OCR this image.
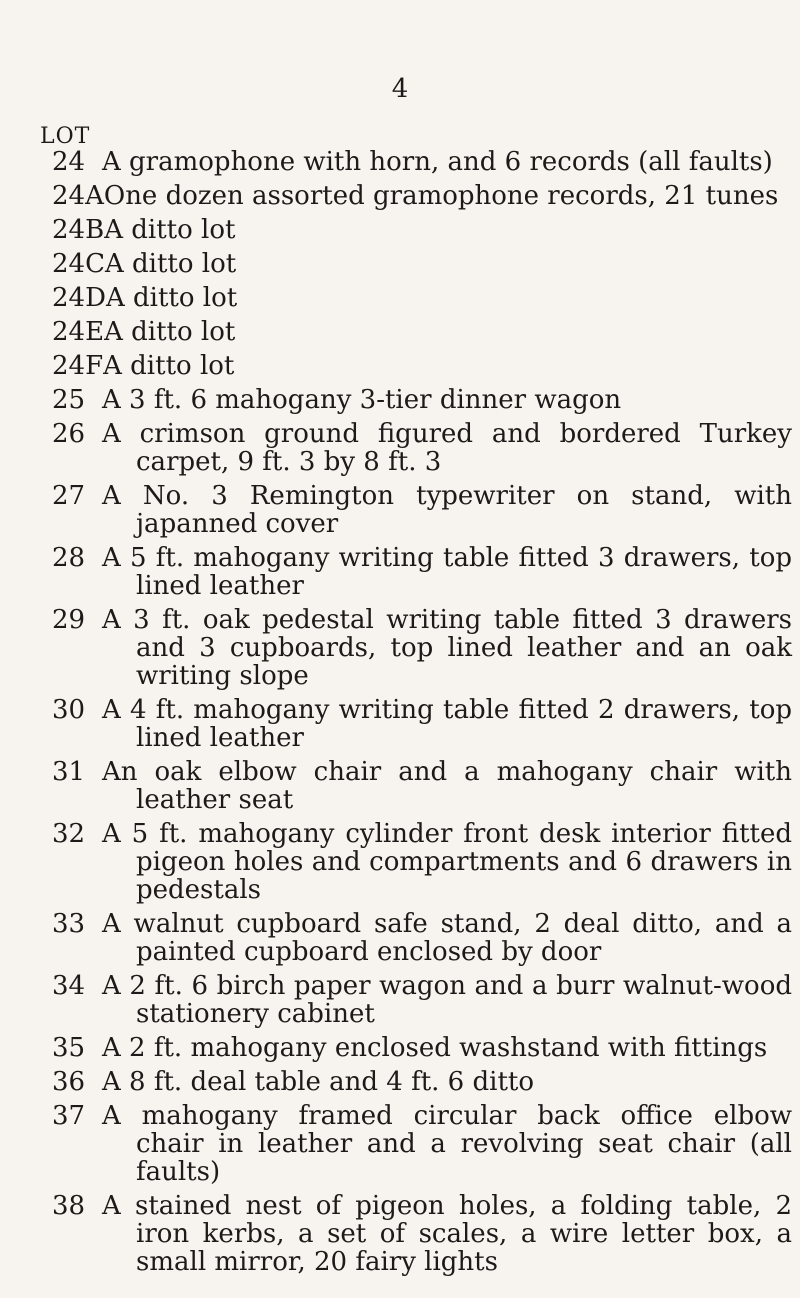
4
LOT
24 A gramophone with horn, and 6 records (all faults)
24A One dozen assorted gramophone records, 21 tunes
24B A ditto lot
24C A ditto lot
24D A ditto lot
24E A ditto lot
24F A ditto lot
25 A 3 ft. 6 mahogany 3-tier dinner wagon
26 A crimson ground figured and bordered Turkey carpet, 9 ft. 3 by 8 ft. 3
27 A No. 3 Remington typewriter on stand, with japanned cover
28 A 5 ft. mahogany writing table fitted 3 drawers, top lined leather
29 A 3 ft. oak pedestal writing table fitted 3 drawers and 3 cupboards, top lined leather and an oak writing slope
30 A 4 ft. mahogany writing table fitted 2 drawers, top lined leather
31 An oak elbow chair and a mahogany chair with leather seat
32 A 5 ft. mahogany cylinder front desk interior fitted pigeon holes and compartments and 6 drawers in pedestals
33 A walnut cupboard safe stand, 2 deal ditto, and a painted cupboard enclosed by door
34 A 2 ft. 6 birch paper wagon and a burr walnut-wood stationery cabinet
35 A 2 ft. mahogany enclosed washstand with fittings
36 A 8 ft. deal table and 4 ft. 6 ditto
37 A mahogany framed circular back office elbow chair in leather and a revolving seat chair (all faults)
38 A stained nest of pigeon holes, a folding table, 2 iron kerbs, a set of scales, a wire letter box, a small mirror, 20 fairy lights
